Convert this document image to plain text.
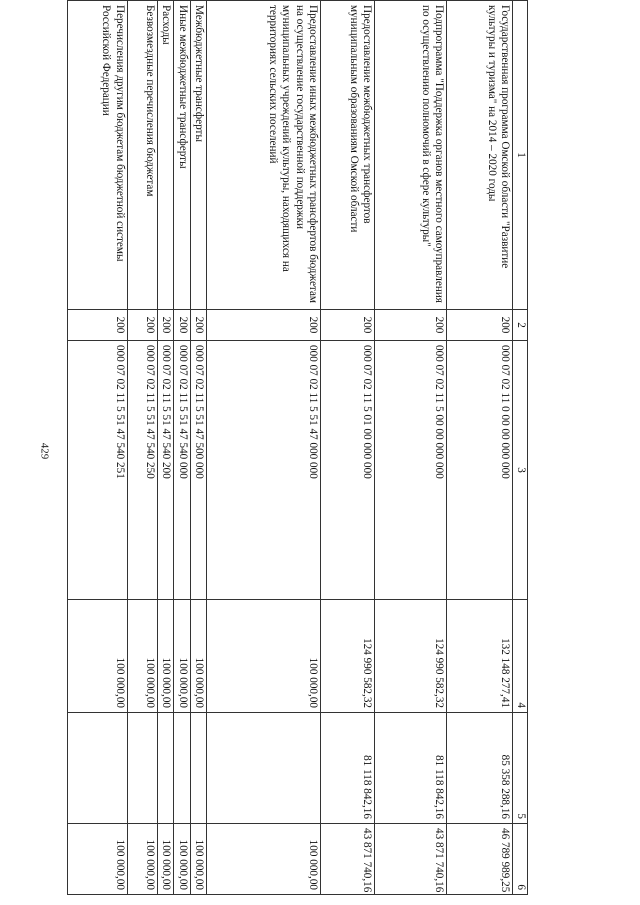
429
1	2	3	4	5	6
Государственная программа Омской области "Развитие культуры и туризма" на 2014 – 2020 годы	200	000 07 02 11 0 00 00 000 000	132 148 277,41	85 358 288,16	46 789 989,25
Подпрограмма "Поддержка органов местного самоуправления по осуществлению полномочий в сфере культуры"	200	000 07 02 11 5 00 00 000 000	124 990 582,32	81 118 842,16	43 871 740,16
Предоставление межбюджетных трансфертов муниципальным образованиям Омской области	200	000 07 02 11 5 01 00 000 000	124 990 582,32	81 118 842,16	43 871 740,16
Предоставление иных межбюджетных трансфертов бюджетам на осуществление государственной поддержки муниципальных учреждений культуры, находящихся на территориях сельских поселений	200	000 07 02 11 5 51 47 000 000	100 000,00		100 000,00
Межбюджетные трансферты	200	000 07 02 11 5 51 47 500 000	100 000,00		100 000,00
Иные межбюджетные трансферты	200	000 07 02 11 5 51 47 540 000	100 000,00		100 000,00
Расходы	200	000 07 02 11 5 51 47 540 200	100 000,00		100 000,00
Безвозмездные перечисления бюджетам	200	000 07 02 11 5 51 47 540 250	100 000,00		100 000,00
Перечисления другим бюджетам бюджетной системы Российской Федерации	200	000 07 02 11 5 51 47 540 251	100 000,00		100 000,00
